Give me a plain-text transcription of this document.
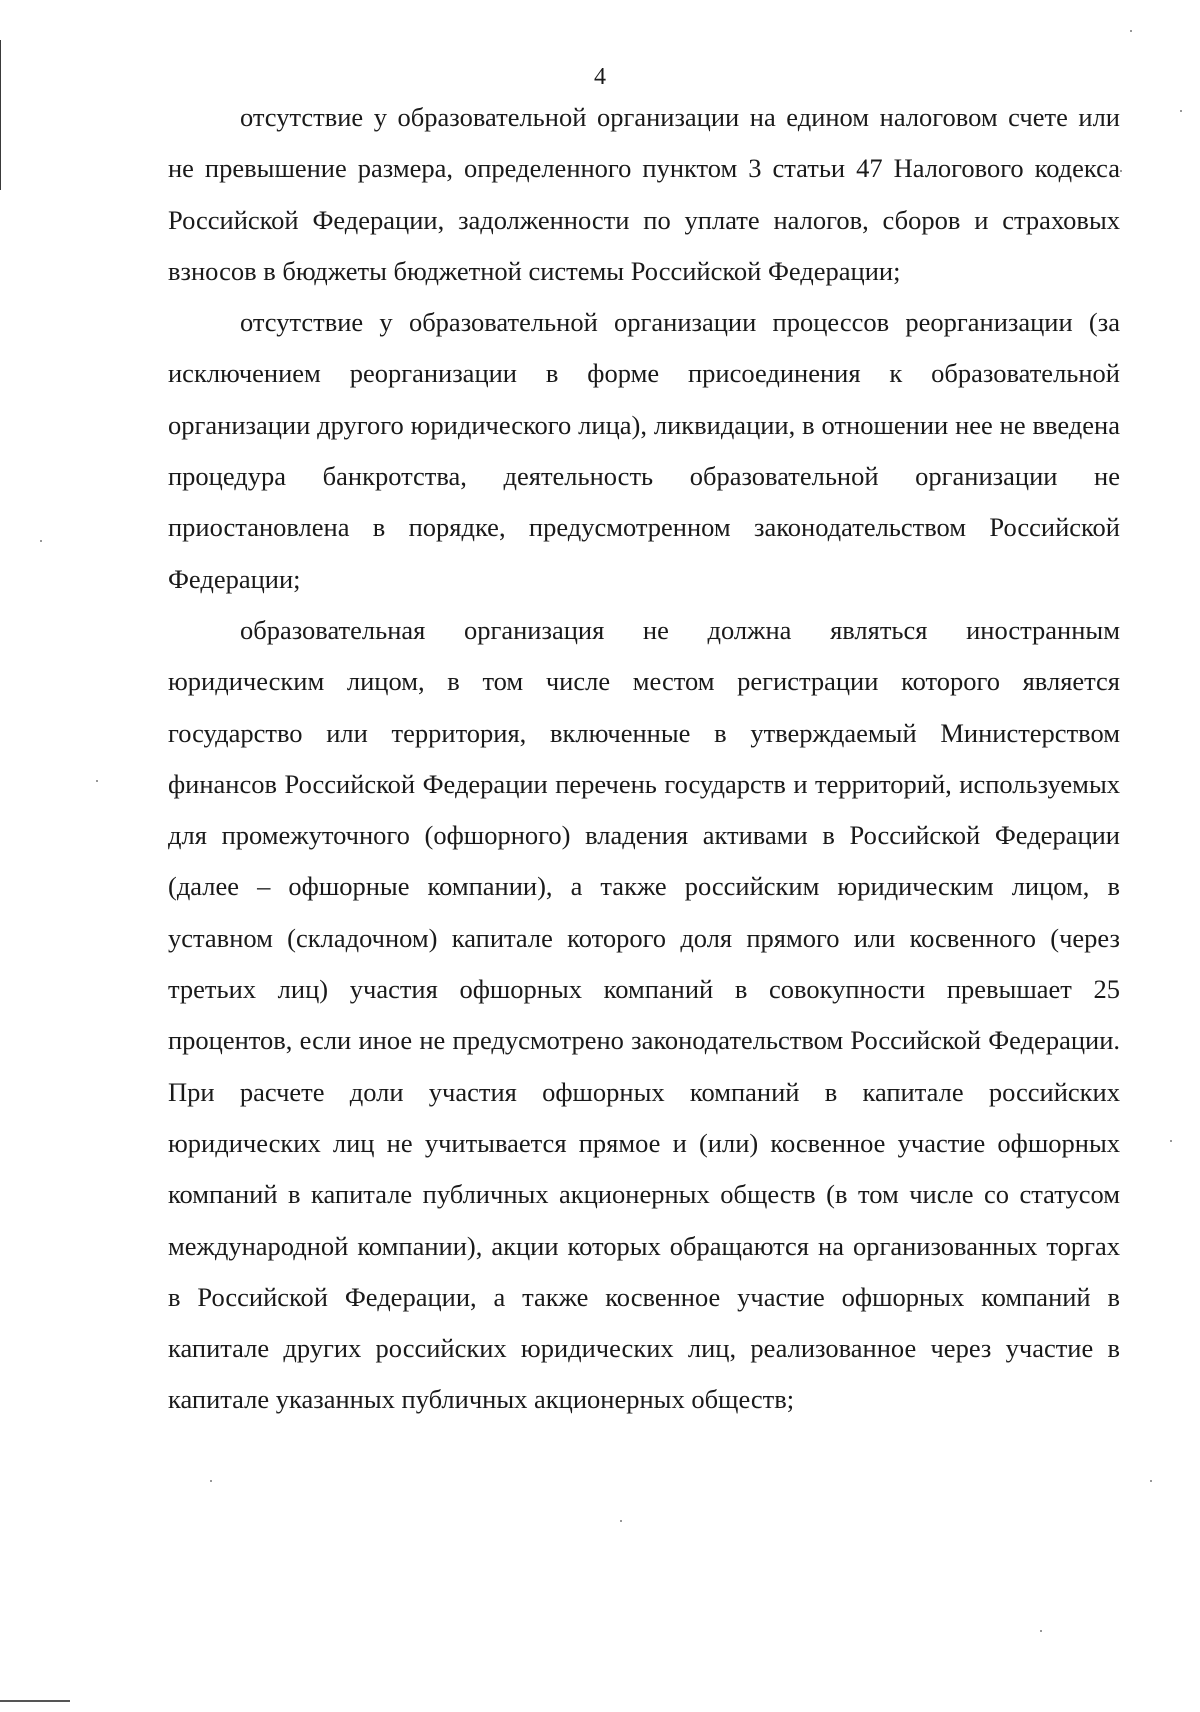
4

отсутствие у образовательной организации на едином налоговом счете или не превышение размера, определенного пунктом 3 статьи 47 Налогового кодекса Российской Федерации, задолженности по уплате налогов, сборов и страховых взносов в бюджеты бюджетной системы Российской Федерации;

отсутствие у образовательной организации процессов реорганизации (за исключением реорганизации в форме присоединения к образовательной организации другого юридического лица), ликвидации, в отношении нее не введена процедура банкротства, деятельность образовательной организации не приостановлена в порядке, предусмотренном законодательством Российской Федерации;

образовательная организация не должна являться иностранным юридическим лицом, в том числе местом регистрации которого является государство или территория, включенные в утверждаемый Министерством финансов Российской Федерации перечень государств и территорий, используемых для промежуточного (офшорного) владения активами в Российской Федерации (далее – офшорные компании), а также российским юридическим лицом, в уставном (складочном) капитале которого доля прямого или косвенного (через третьих лиц) участия офшорных компаний в совокупности превышает 25 процентов, если иное не предусмотрено законодательством Российской Федерации. При расчете доли участия офшорных компаний в капитале российских юридических лиц не учитывается прямое и (или) косвенное участие офшорных компаний в капитале публичных акционерных обществ (в том числе со статусом международной компании), акции которых обращаются на организованных торгах в Российской Федерации, а также косвенное участие офшорных компаний в капитале других российских юридических лиц, реализованное через участие в капитале указанных публичных акционерных обществ;
